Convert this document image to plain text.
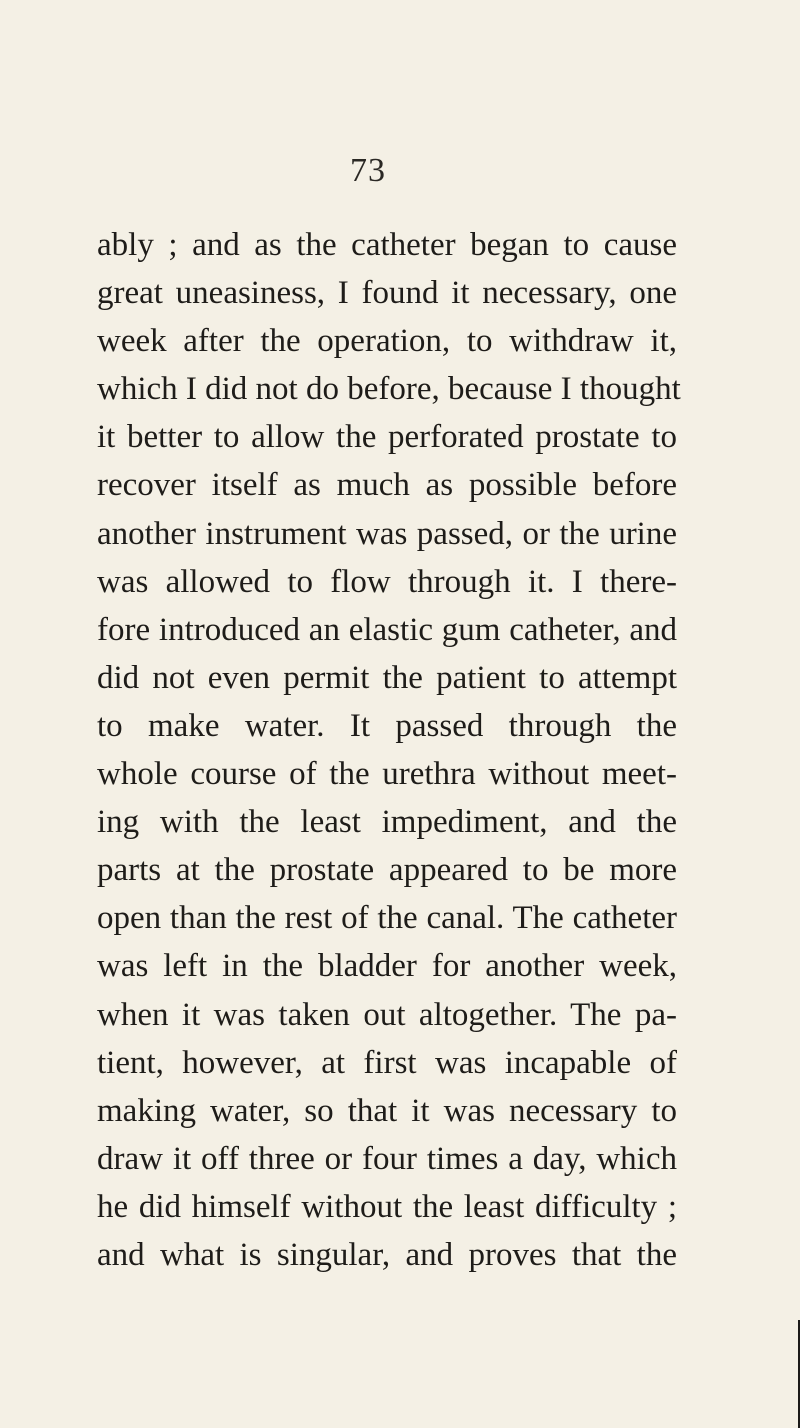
73
ably ; and as the catheter began to cause
great uneasiness, I found it necessary, one
week after the operation, to withdraw it,
which I did not do before, because I thought
it better to allow the perforated prostate to
recover itself as much as possible before
another instrument was passed, or the urine
was allowed to flow through it. I there-
fore introduced an elastic gum catheter, and
did not even permit the patient to attempt
to make water. It passed through the
whole course of the urethra without meet-
ing with the least impediment, and the
parts at the prostate appeared to be more
open than the rest of the canal. The catheter
was left in the bladder for another week,
when it was taken out altogether. The pa-
tient, however, at first was incapable of
making water, so that it was necessary to
draw it off three or four times a day, which
he did himself without the least difficulty ;
and what is singular, and proves that the
